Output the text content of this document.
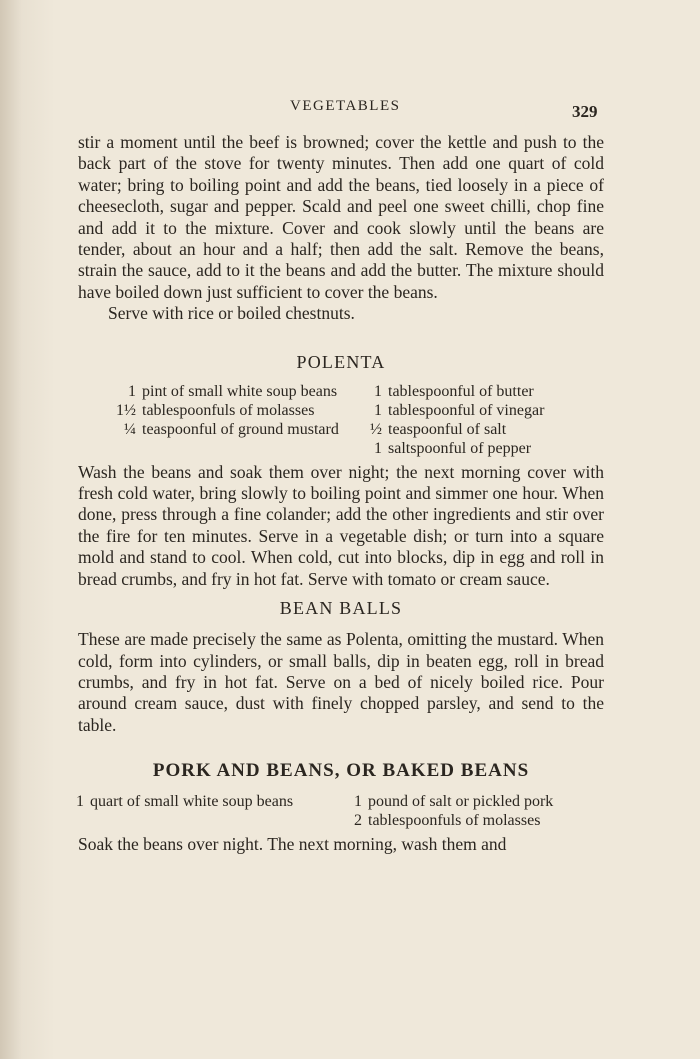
VEGETABLES	329

stir a moment until the beef is browned; cover the kettle and push to the back part of the stove for twenty minutes. Then add one quart of cold water; bring to boiling point and add the beans, tied loosely in a piece of cheesecloth, sugar and pepper. Scald and peel one sweet chilli, chop fine and add it to the mixture. Cover and cook slowly until the beans are tender, about an hour and a half; then add the salt. Remove the beans, strain the sauce, add to it the beans and add the butter. The mixture should have boiled down just sufficient to cover the beans.

Serve with rice or boiled chestnuts.

POLENTA
1 pint of small white soup beans
1½ tablespoonfuls of molasses
¼ teaspoonful of ground mustard
1 tablespoonful of butter
1 tablespoonful of vinegar
½ teaspoonful of salt
1 saltspoonful of pepper

Wash the beans and soak them over night; the next morning cover with fresh cold water, bring slowly to boiling point and simmer one hour. When done, press through a fine colander; add the other ingredients and stir over the fire for ten minutes. Serve in a vegetable dish; or turn into a square mold and stand to cool. When cold, cut into blocks, dip in egg and roll in bread crumbs, and fry in hot fat. Serve with tomato or cream sauce.

BEAN BALLS

These are made precisely the same as Polenta, omitting the mustard. When cold, form into cylinders, or small balls, dip in beaten egg, roll in bread crumbs, and fry in hot fat. Serve on a bed of nicely boiled rice. Pour around cream sauce, dust with finely chopped parsley, and send to the table.

PORK AND BEANS, OR BAKED BEANS
1 quart of small white soup beans	1 pound of salt or pickled pork
2 tablespoonfuls of molasses

Soak the beans over night. The next morning, wash them and
